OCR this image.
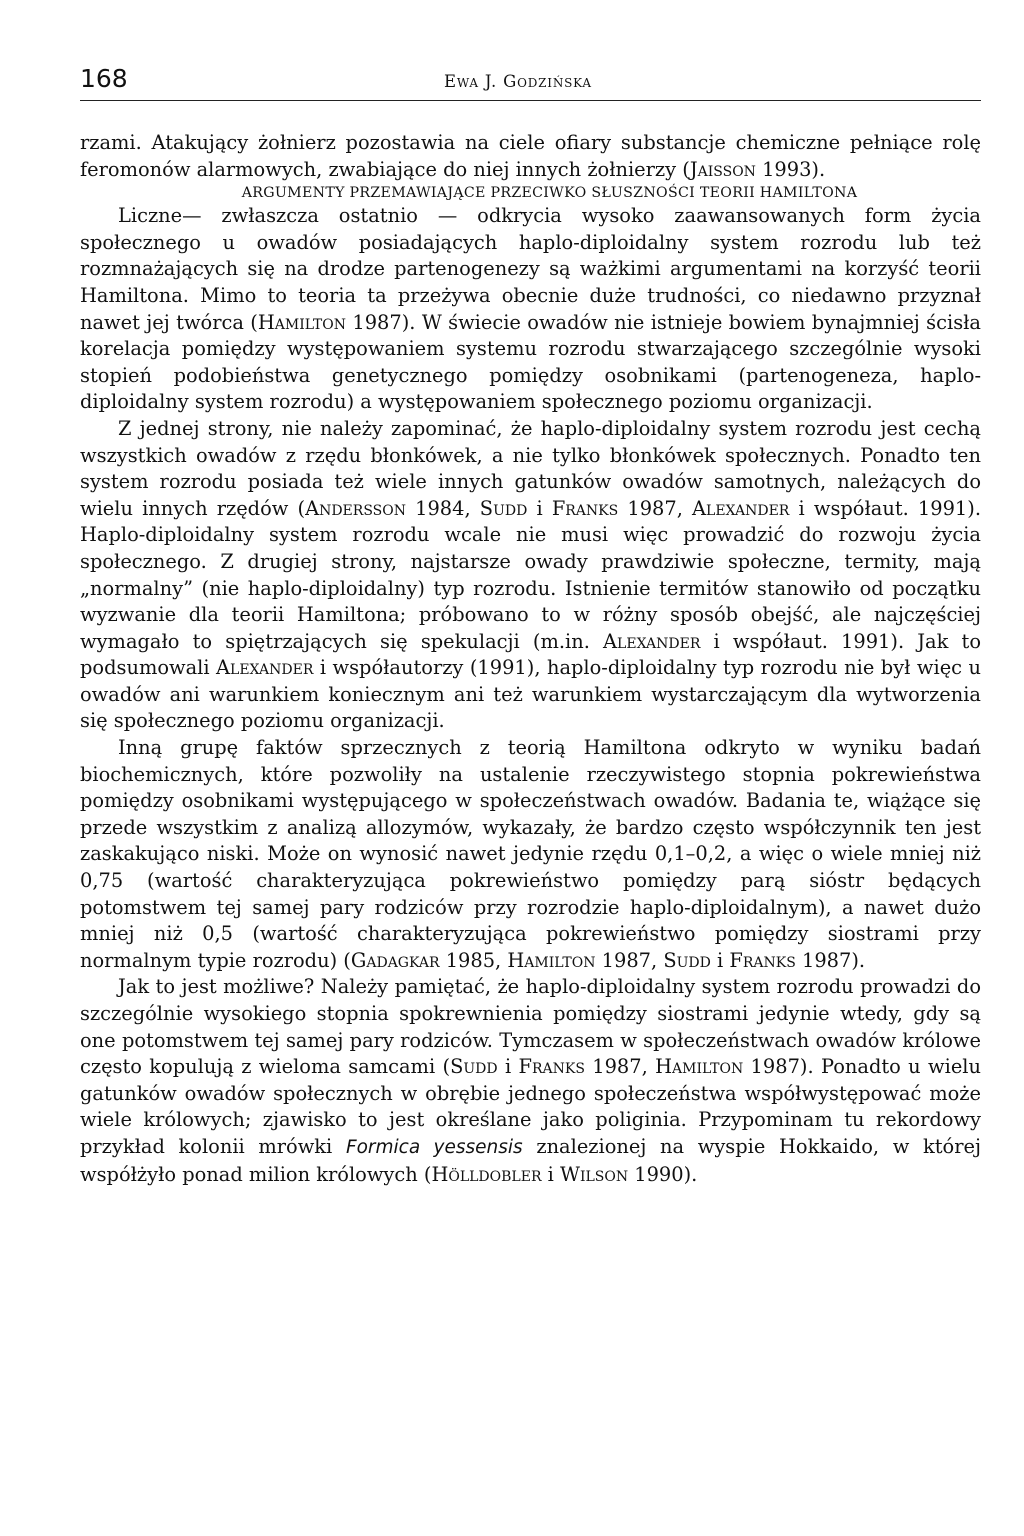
168	Ewa J. Godzińska

rzami. Atakujący żołnierz pozostawia na ciele ofiary substancje chemiczne pełniące rolę feromonów alarmowych, zwabiające do niej innych żołnierzy (Jaisson 1993).

ARGUMENTY PRZEMAWIAJĄCE PRZECIWKO SŁUSZNOŚCI TEORII HAMILTONA

Liczne— zwłaszcza ostatnio — odkrycia wysoko zaawansowanych form życia społecznego u owadów posiadających haplo-diploidalny system rozrodu lub też rozmnażających się na drodze partenogenezy są ważkimi argumentami na korzyść teorii Hamiltona. Mimo to teoria ta przeżywa obecnie duże trudności, co niedawno przyznał nawet jej twórca (Hamilton 1987). W świecie owadów nie istnieje bowiem bynajmniej ścisła korelacja pomiędzy występowaniem systemu rozrodu stwarzającego szczególnie wysoki stopień podobieństwa genetycznego pomiędzy osobnikami (partenogeneza, haplo-diploidalny system rozrodu) a występowaniem społecznego poziomu organizacji.

Z jednej strony, nie należy zapominać, że haplo-diploidalny system rozrodu jest cechą wszystkich owadów z rzędu błonkówek, a nie tylko błonkówek społecznych. Ponadto ten system rozrodu posiada też wiele innych gatunków owadów samotnych, należących do wielu innych rzędów (Andersson 1984, Sudd i Franks 1987, Alexander i współaut. 1991). Haplo-diploidalny system rozrodu wcale nie musi więc prowadzić do rozwoju życia społecznego. Z drugiej strony, najstarsze owady prawdziwie społeczne, termity, mają „normalny” (nie haplo-diploidalny) typ rozrodu. Istnienie termitów stanowiło od początku wyzwanie dla teorii Hamiltona; próbowano to w różny sposób obejść, ale najczęściej wymagało to spiętrzających się spekulacji (m.in. Alexander i współaut. 1991). Jak to podsumowali Alexander i współautorzy (1991), haplo-diploidalny typ rozrodu nie był więc u owadów ani warunkiem koniecznym ani też warunkiem wystarczającym dla wytworzenia się społecznego poziomu organizacji.

Inną grupę faktów sprzecznych z teorią Hamiltona odkryto w wyniku badań biochemicznych, które pozwoliły na ustalenie rzeczywistego stopnia pokrewieństwa pomiędzy osobnikami występującego w społeczeństwach owadów. Badania te, wiążące się przede wszystkim z analizą allozymów, wykazały, że bardzo często współczynnik ten jest zaskakująco niski. Może on wynosić nawet jedynie rzędu 0,1–0,2, a więc o wiele mniej niż 0,75 (wartość charakteryzująca pokrewieństwo pomiędzy parą sióstr będących potomstwem tej samej pary rodziców przy rozrodzie haplo-diploidalnym), a nawet dużo mniej niż 0,5 (wartość charakteryzująca pokrewieństwo pomiędzy siostrami przy normalnym typie rozrodu) (Gadagkar 1985, Hamilton 1987, Sudd i Franks 1987).

Jak to jest możliwe? Należy pamiętać, że haplo-diploidalny system rozrodu prowadzi do szczególnie wysokiego stopnia spokrewnienia pomiędzy siostrami jedynie wtedy, gdy są one potomstwem tej samej pary rodziców. Tymczasem w społeczeństwach owadów królowe często kopulują z wieloma samcami (Sudd i Franks 1987, Hamilton 1987). Ponadto u wielu gatunków owadów społecznych w obrębie jednego społeczeństwa współwystępować może wiele królowych; zjawisko to jest określane jako poliginia. Przypominam tu rekordowy przykład kolonii mrówki Formica yessensis znalezionej na wyspie Hokkaido, w której współżyło ponad milion królowych (Hölldobler i Wilson 1990).
